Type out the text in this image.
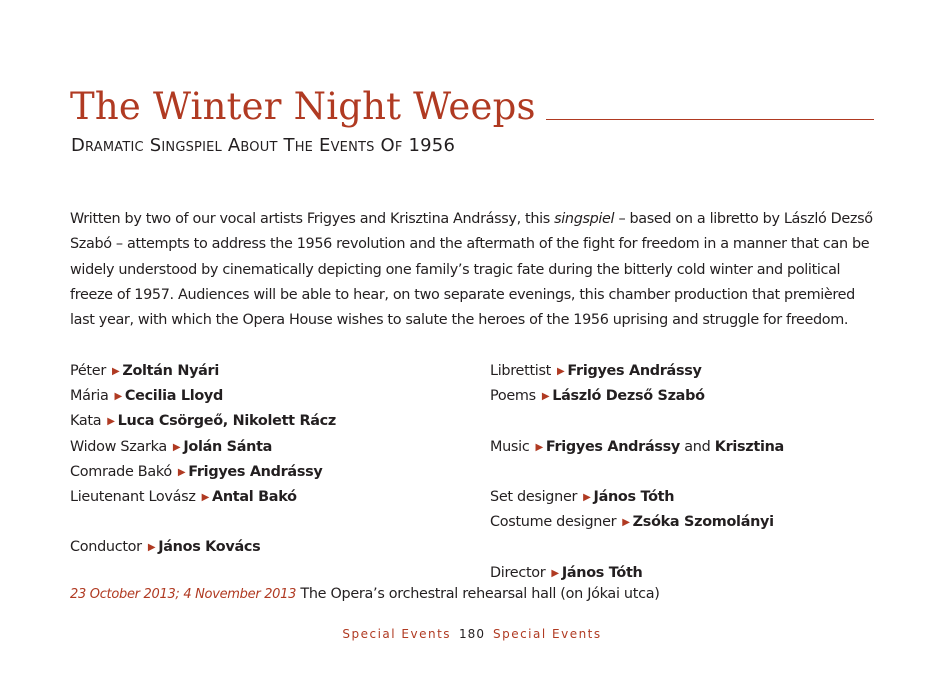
The Winter Night Weeps
Dramatic Singspiel About The Events Of 1956

Written by two of our vocal artists Frigyes and Krisztina Andrássy, this singspiel – based on a libretto by László Dezső Szabó – attempts to address the 1956 revolution and the aftermath of the fight for freedom in a manner that can be widely understood by cinematically depicting one family’s tragic fate during the bitterly cold winter and political freeze of 1957. Audiences will be able to hear, on two separate evenings, this chamber production that premièred last year, with which the Opera House wishes to salute the heroes of the 1956 uprising and struggle for freedom.

Péter ▶ Zoltán Nyári
Mária ▶ Cecilia Lloyd
Kata ▶ Luca Csörgeő, Nikolett Rácz
Widow Szarka ▶ Jolán Sánta
Comrade Bakó ▶ Frigyes Andrássy
Lieutenant Lovász ▶ Antal Bakó
Conductor ▶ János Kovács
Librettist ▶ Frigyes Andrássy
Poems ▶ László Dezső Szabó
Music ▶ Frigyes Andrássy and Krisztina
Set designer ▶ János Tóth
Costume designer ▶ Zsóka Szomolányi
Director ▶ János Tóth
23 October 2013; 4 November 2013 The Opera’s orchestral rehearsal hall (on Jókai utca)
Special Events 180 Special Events
